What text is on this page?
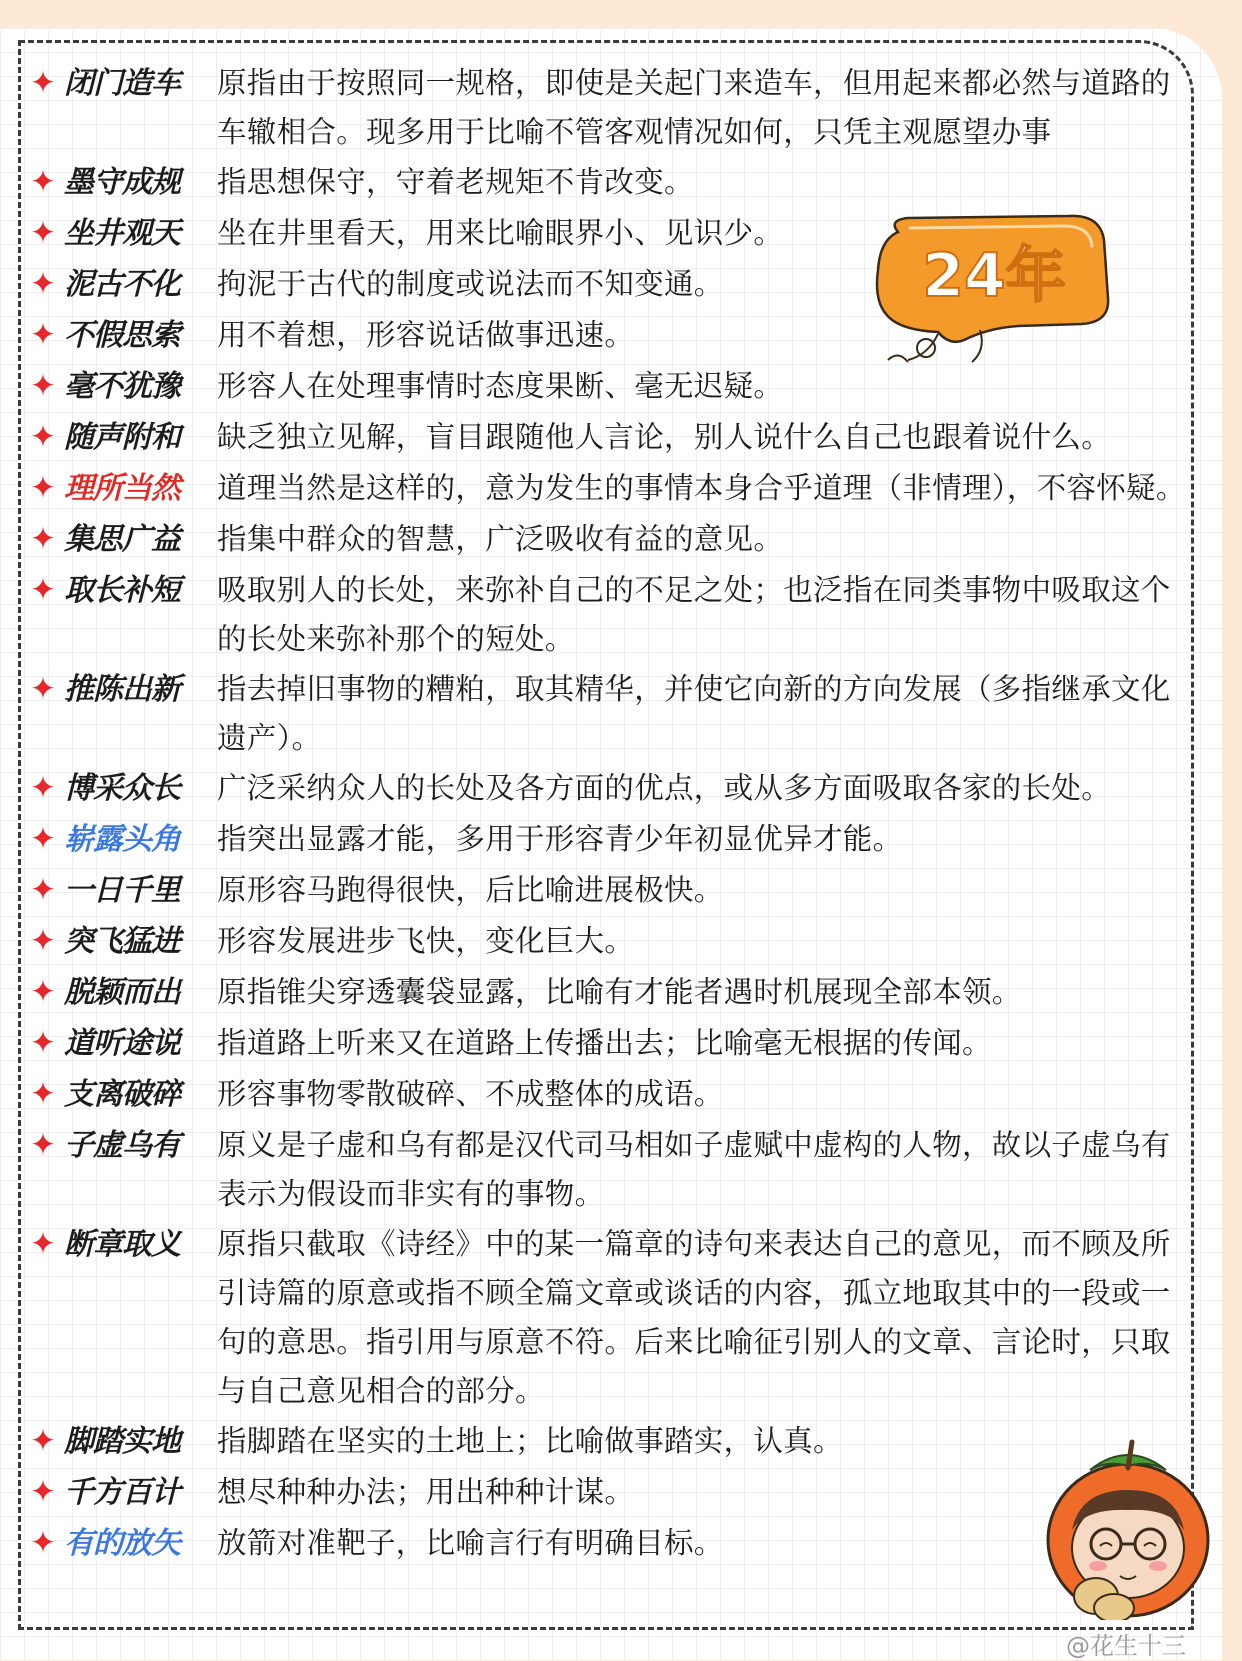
✦ 闭门造车	原指由于按照同一规格，即使是关起门来造车，但用起来都必然与道路的车辙相合。现多用于比喻不管客观情况如何，只凭主观愿望办事
✦ 墨守成规	指思想保守，守着老规矩不肯改变。
✦ 坐井观天	坐在井里看天，用来比喻眼界小、见识少。
✦ 泥古不化	拘泥于古代的制度或说法而不知变通。
✦ 不假思索	用不着想，形容说话做事迅速。
✦ 毫不犹豫	形容人在处理事情时态度果断、毫无迟疑。
✦ 随声附和	缺乏独立见解，盲目跟随他人言论，别人说什么自己也跟着说什么。
✦ 理所当然	道理当然是这样的，意为发生的事情本身合乎道理（非情理），不容怀疑。
✦ 集思广益	指集中群众的智慧，广泛吸收有益的意见。
✦ 取长补短	吸取别人的长处，来弥补自己的不足之处；也泛指在同类事物中吸取这个的长处来弥补那个的短处。
✦ 推陈出新	指去掉旧事物的糟粕，取其精华，并使它向新的方向发展（多指继承文化遗产）。
✦ 博采众长	广泛采纳众人的长处及各方面的优点，或从多方面吸取各家的长处。
✦ 崭露头角	指突出显露才能，多用于形容青少年初显优异才能。
✦ 一日千里	原形容马跑得很快，后比喻进展极快。
✦ 突飞猛进	形容发展进步飞快，变化巨大。
✦ 脱颖而出	原指锥尖穿透囊袋显露，比喻有才能者遇时机展现全部本领。
✦ 道听途说	指道路上听来又在道路上传播出去；比喻毫无根据的传闻。
✦ 支离破碎	形容事物零散破碎、不成整体的成语。
✦ 子虚乌有	原义是子虚和乌有都是汉代司马相如子虚赋中虚构的人物，故以子虚乌有表示为假设而非实有的事物。
✦ 断章取义	原指只截取《诗经》中的某一篇章的诗句来表达自己的意见，而不顾及所引诗篇的原意或指不顾全篇文章或谈话的内容，孤立地取其中的一段或一句的意思。指引用与原意不符。后来比喻征引别人的文章、言论时，只取与自己意见相合的部分。
✦ 脚踏实地	指脚踏在坚实的土地上；比喻做事踏实，认真。
✦ 千方百计	想尽种种办法；用出种种计谋。
✦ 有的放矢	放箭对准靶子，比喻言行有明确目标。
24年
@花生十三
